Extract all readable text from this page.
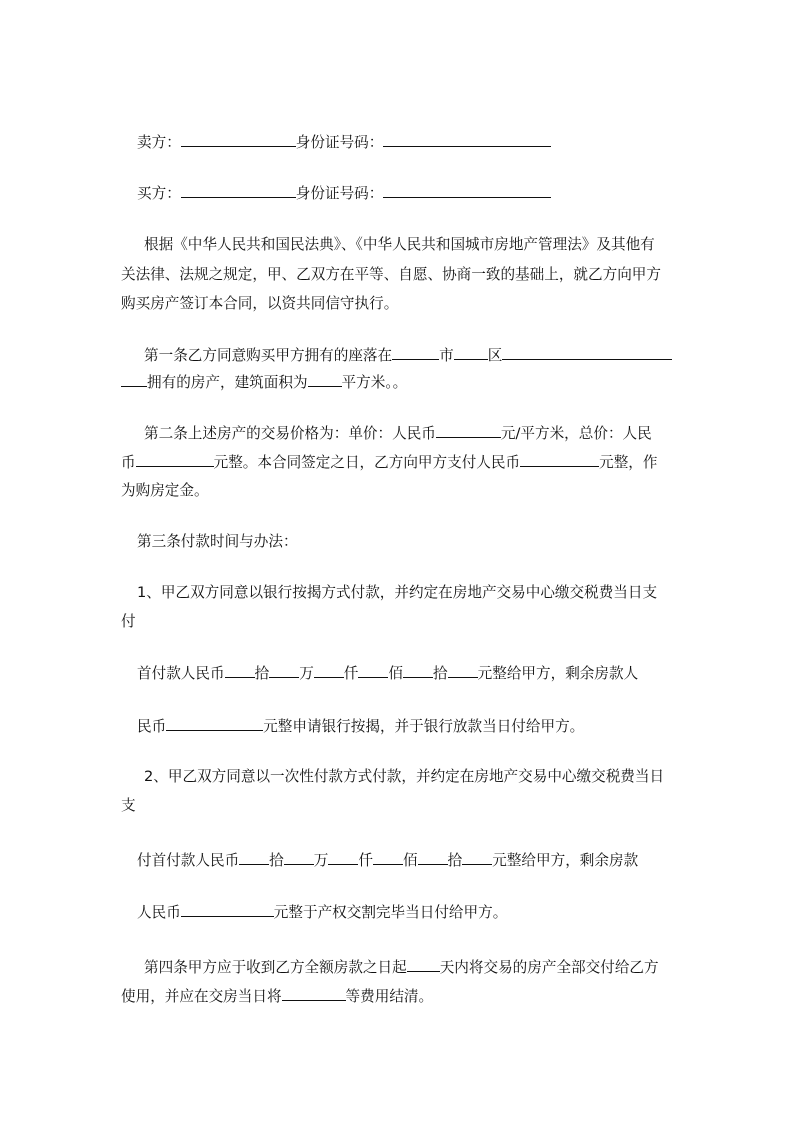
卖方：	身份证号码：
买方：	身份证号码：
根据《中华人民共和国民法典》、《中华人民共和国城市房地产管理法》及其他有
关法律、法规之规定，甲、乙双方在平等、自愿、协商一致的基础上，就乙方向甲方
购买房产签订本合同，以资共同信守执行。
第一条乙方同意购买甲方拥有的座落在	市 区
拥有的房产，建筑面积为 平方米。。
第二条上述房产的交易价格为：单价：人民币	元/平方米，总价：人民
币	元整。本合同签定之日，乙方向甲方支付人民币	元整，作
为购房定金。
第三条付款时间与办法：
1、甲乙双方同意以银行按揭方式付款，并约定在房地产交易中心缴交税费当日支
付
首付款人民币 拾 万 仟 佰 拾 元整给甲方，剩余房款人
民币	元整申请银行按揭，并于银行放款当日付给甲方。
2、甲乙双方同意以一次性付款方式付款，并约定在房地产交易中心缴交税费当日
支
付首付款人民币 拾 万 仟 佰 拾 元整给甲方，剩余房款
人民币	元整于产权交割完毕当日付给甲方。
第四条甲方应于收到乙方全额房款之日起 天内将交易的房产全部交付给乙方
使用，并应在交房当日将	等费用结清。
